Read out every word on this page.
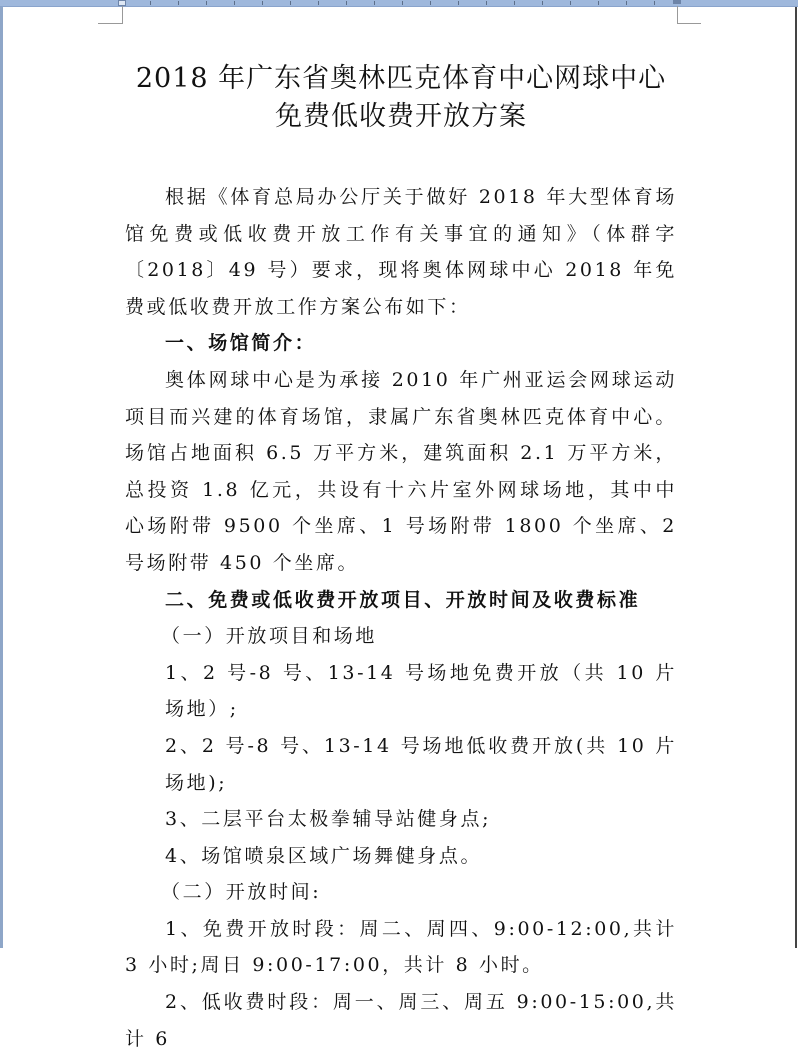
2018 年广东省奥林匹克体育中心网球中心
免费低收费开放方案

根据《体育总局办公厅关于做好 2018 年大型体育场馆免费或低收费开放工作有关事宜的通知》（体群字〔2018〕49 号）要求，现将奥体网球中心 2018 年免费或低收费开放工作方案公布如下：

一、场馆简介：

奥体网球中心是为承接 2010 年广州亚运会网球运动项目而兴建的体育场馆，隶属广东省奥林匹克体育中心。场馆占地面积 6.5 万平方米，建筑面积 2.1 万平方米，总投资 1.8 亿元，共设有十六片室外网球场地，其中中心场附带 9500 个坐席、1 号场附带 1800 个坐席、2 号场附带 450 个坐席。

二、免费或低收费开放项目、开放时间及收费标准

（一）开放项目和场地

1、2 号-8 号、13-14 号场地免费开放（共 10 片场地）;

2、2 号-8 号、13-14 号场地低收费开放(共 10 片场地);

3、二层平台太极拳辅导站健身点;

4、场馆喷泉区域广场舞健身点。

（二）开放时间:

1、免费开放时段：周二、周四、9:00-12:00,共计 3 小时;周日 9:00-17:00，共计 8 小时。

2、低收费时段：周一、周三、周五 9:00-15:00,共计 6
